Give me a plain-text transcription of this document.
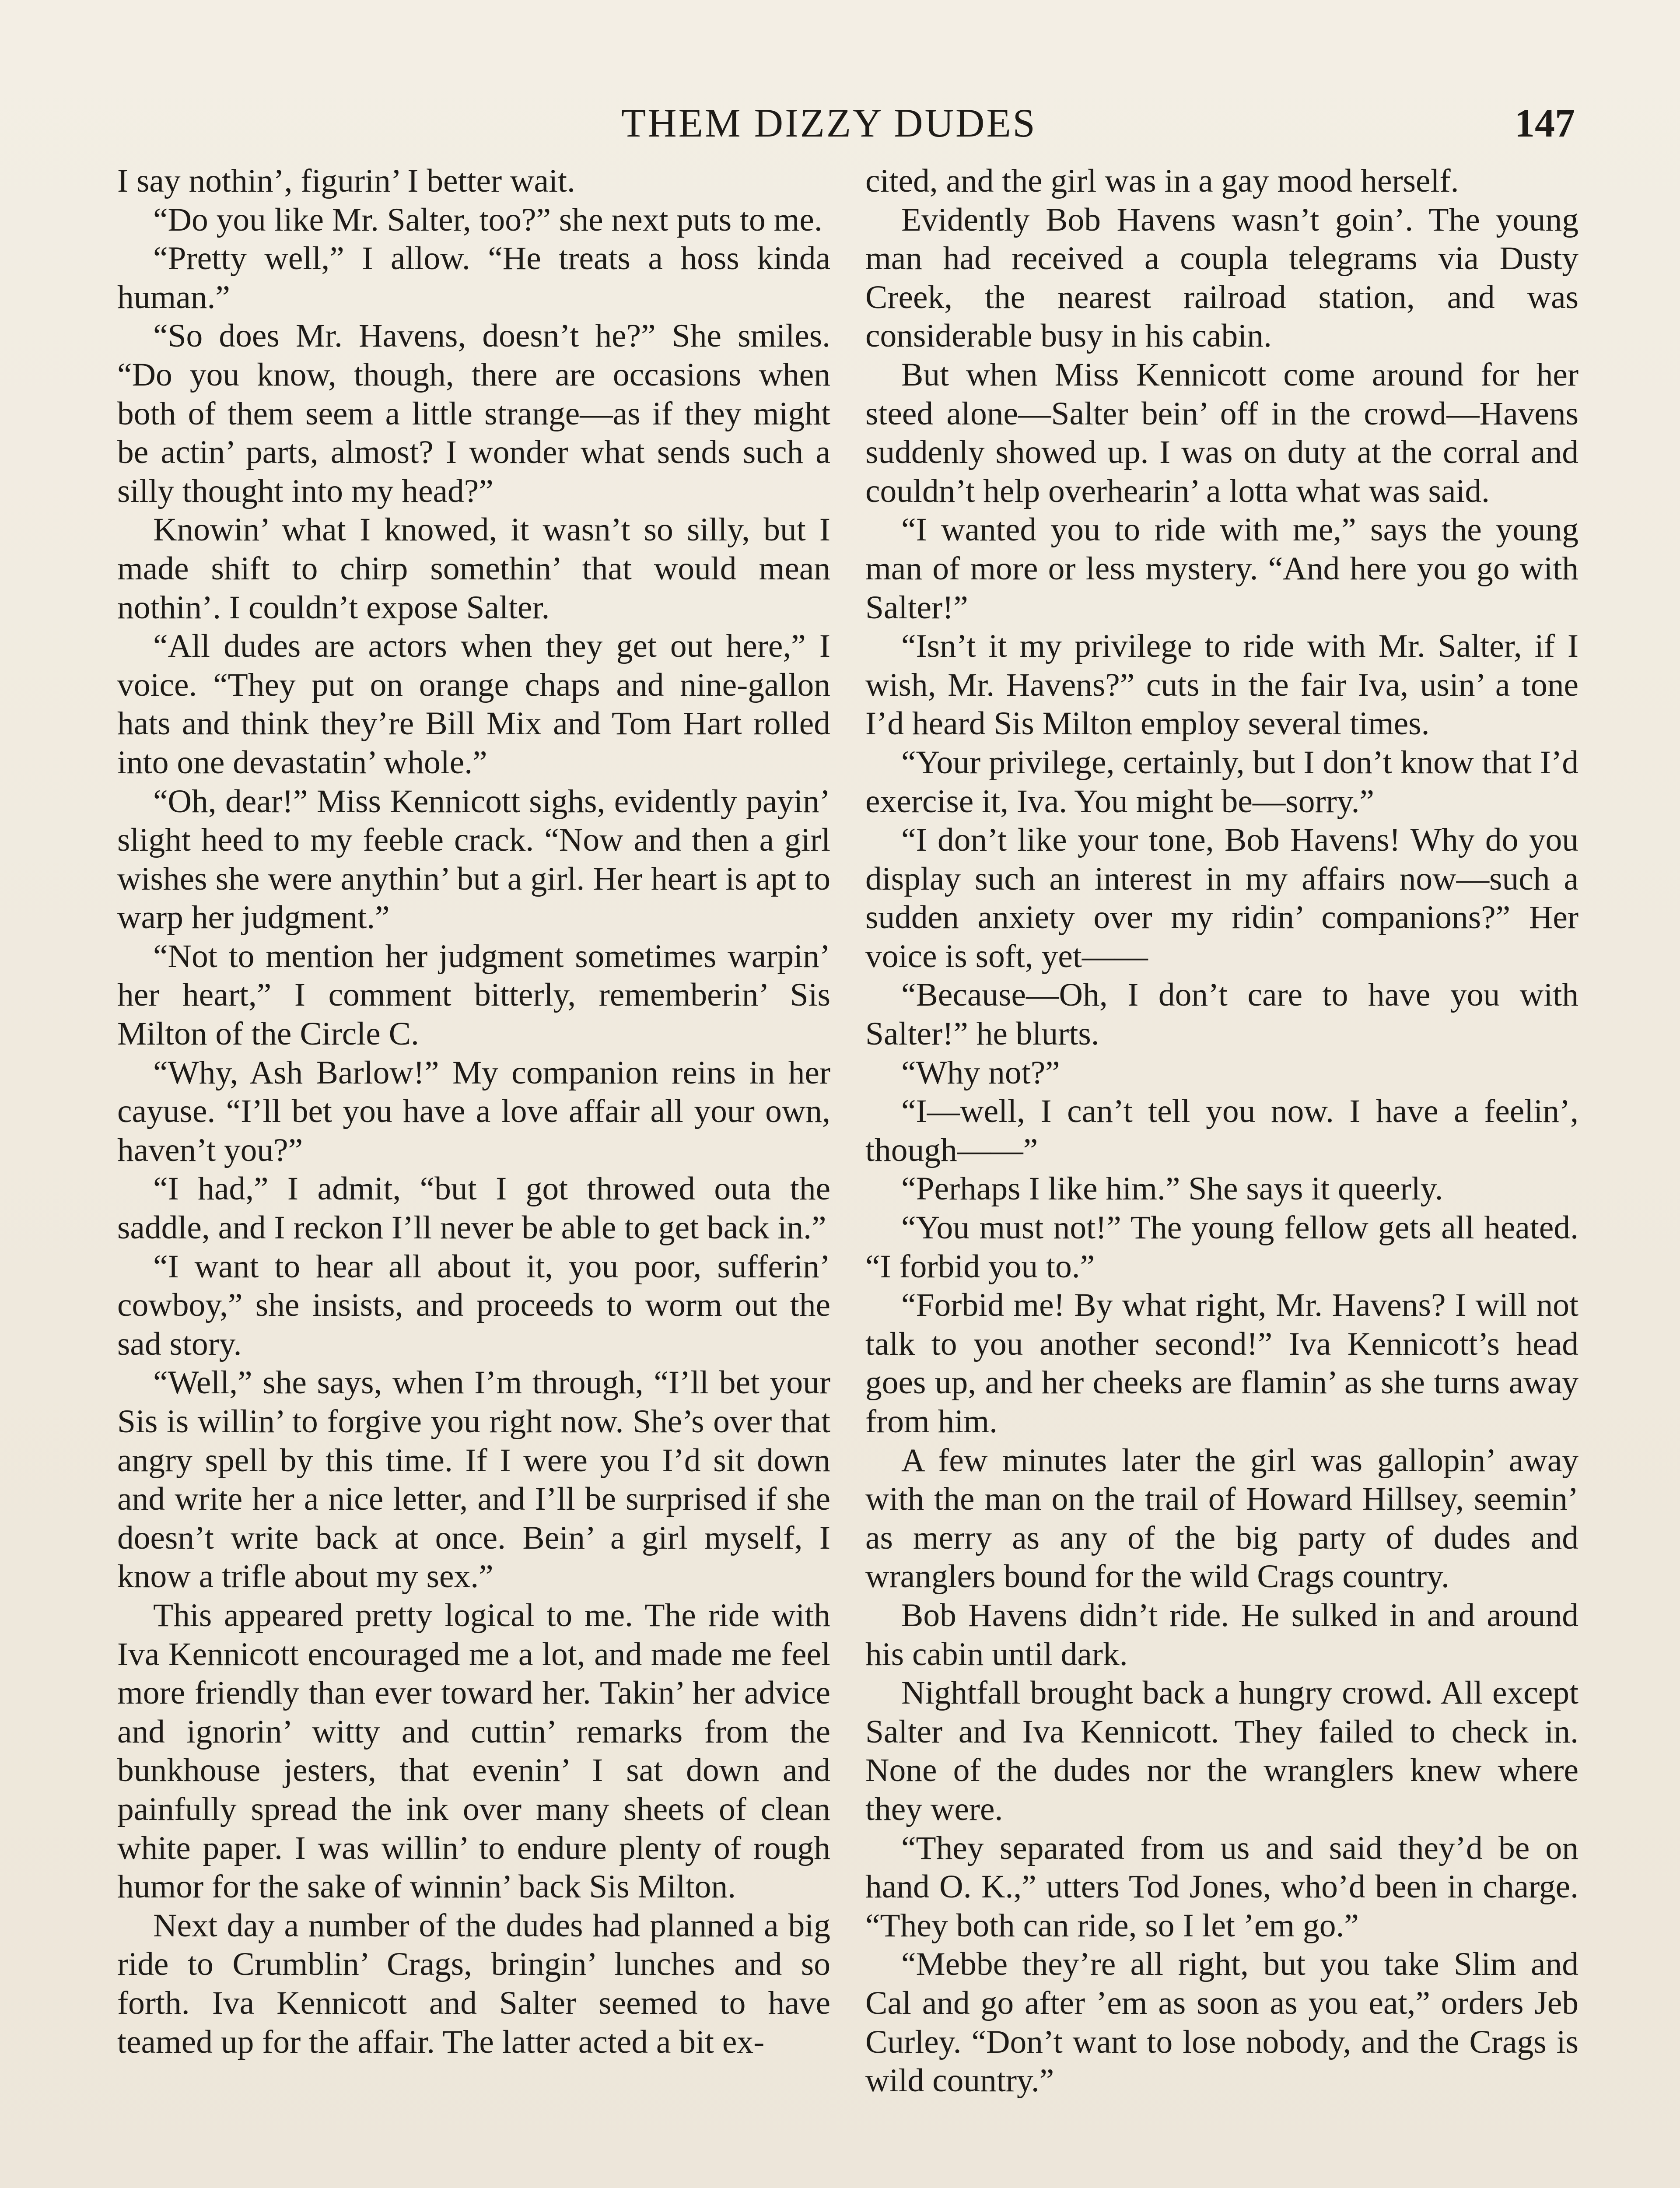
THEM DIZZY DUDES	147

I say nothin’, figurin’ I better wait.

“Do you like Mr. Salter, too?” she next puts to me.

“Pretty well,” I allow. “He treats a hoss kinda human.”

“So does Mr. Havens, doesn’t he?” She smiles. “Do you know, though, there are occasions when both of them seem a little strange—as if they might be actin’ parts, almost? I wonder what sends such a silly thought into my head?”

Knowin’ what I knowed, it wasn’t so silly, but I made shift to chirp somethin’ that would mean nothin’. I couldn’t expose Salter.

“All dudes are actors when they get out here,” I voice. “They put on orange chaps and nine-gallon hats and think they’re Bill Mix and Tom Hart rolled into one devastatin’ whole.”

“Oh, dear!” Miss Kennicott sighs, evidently payin’ slight heed to my feeble crack. “Now and then a girl wishes she were anythin’ but a girl. Her heart is apt to warp her judgment.”

“Not to mention her judgment sometimes warpin’ her heart,” I comment bitterly, rememberin’ Sis Milton of the Circle C.

“Why, Ash Barlow!” My companion reins in her cayuse. “I’ll bet you have a love affair all your own, haven’t you?”

“I had,” I admit, “but I got throwed outa the saddle, and I reckon I’ll never be able to get back in.”

“I want to hear all about it, you poor, sufferin’ cowboy,” she insists, and proceeds to worm out the sad story.

“Well,” she says, when I’m through, “I’ll bet your Sis is willin’ to forgive you right now. She’s over that angry spell by this time. If I were you I’d sit down and write her a nice letter, and I’ll be surprised if she doesn’t write back at once. Bein’ a girl myself, I know a trifle about my sex.”

This appeared pretty logical to me. The ride with Iva Kennicott encouraged me a lot, and made me feel more friendly than ever toward her. Takin’ her advice and ignorin’ witty and cuttin’ remarks from the bunkhouse jesters, that evenin’ I sat down and painfully spread the ink over many sheets of clean white paper. I was willin’ to endure plenty of rough humor for the sake of winnin’ back Sis Milton.

Next day a number of the dudes had planned a big ride to Crumblin’ Crags, bringin’ lunches and so forth. Iva Kennicott and Salter seemed to have teamed up for the affair. The latter acted a bit ex-

cited, and the girl was in a gay mood herself.

Evidently Bob Havens wasn’t goin’. The young man had received a coupla telegrams via Dusty Creek, the nearest railroad station, and was considerable busy in his cabin.

But when Miss Kennicott come around for her steed alone—Salter bein’ off in the crowd—Havens suddenly showed up. I was on duty at the corral and couldn’t help overhearin’ a lotta what was said.

“I wanted you to ride with me,” says the young man of more or less mystery. “And here you go with Salter!”

“Isn’t it my privilege to ride with Mr. Salter, if I wish, Mr. Havens?” cuts in the fair Iva, usin’ a tone I’d heard Sis Milton employ several times.

“Your privilege, certainly, but I don’t know that I’d exercise it, Iva. You might be—sorry.”

“I don’t like your tone, Bob Havens! Why do you display such an interest in my affairs now—such a sudden anxiety over my ridin’ companions?” Her voice is soft, yet——

“Because—Oh, I don’t care to have you with Salter!” he blurts.

“Why not?”

“I—well, I can’t tell you now. I have a feelin’, though——”

“Perhaps I like him.” She says it queerly.

“You must not!” The young fellow gets all heated. “I forbid you to.”

“Forbid me! By what right, Mr. Havens? I will not talk to you another second!” Iva Kennicott’s head goes up, and her cheeks are flamin’ as she turns away from him.

A few minutes later the girl was gallopin’ away with the man on the trail of Howard Hillsey, seemin’ as merry as any of the big party of dudes and wranglers bound for the wild Crags country.

Bob Havens didn’t ride. He sulked in and around his cabin until dark.

Nightfall brought back a hungry crowd. All except Salter and Iva Kennicott. They failed to check in. None of the dudes nor the wranglers knew where they were.

“They separated from us and said they’d be on hand O. K.,” utters Tod Jones, who’d been in charge. “They both can ride, so I let ’em go.”

“Mebbe they’re all right, but you take Slim and Cal and go after ’em as soon as you eat,” orders Jeb Curley. “Don’t want to lose nobody, and the Crags is wild country.”
